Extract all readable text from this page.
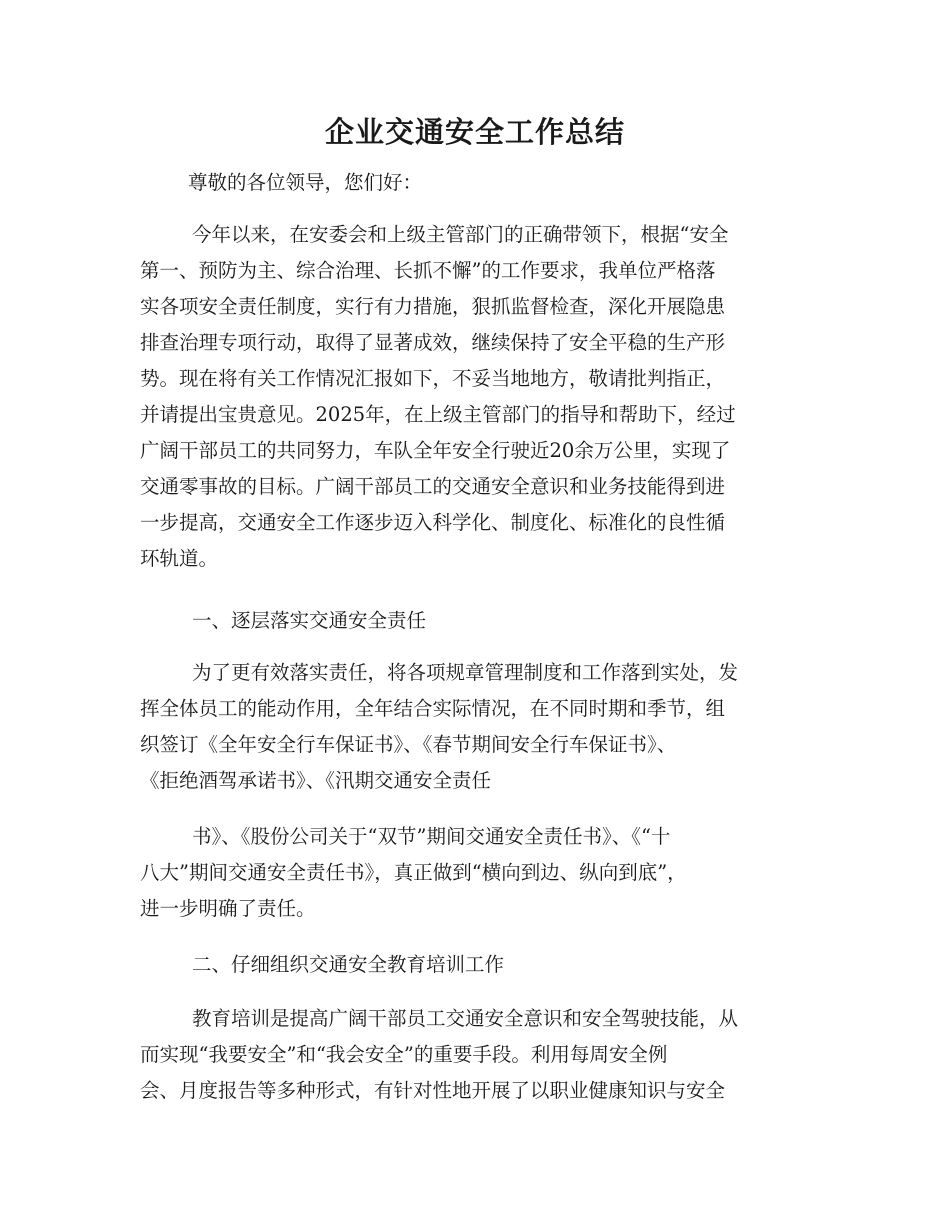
企业交通安全工作总结
尊敬的各位领导，您们好：
今年以来，在安委会和上级主管部门的正确带领下，根据“安全
第一、预防为主、综合治理、长抓不懈”的工作要求，我单位严格落
实各项安全责任制度，实行有力措施，狠抓监督检查，深化开展隐患
排查治理专项行动，取得了显著成效，继续保持了安全平稳的生产形
势。现在将有关工作情况汇报如下，不妥当地地方，敬请批判指正，
并请提出宝贵意见。2025年，在上级主管部门的指导和帮助下，经过
广阔干部员工的共同努力，车队全年安全行驶近20余万公里，实现了
交通零事故的目标。广阔干部员工的交通安全意识和业务技能得到进
一步提高，交通安全工作逐步迈入科学化、制度化、标准化的良性循
环轨道。
一、逐层落实交通安全责任
为了更有效落实责任，将各项规章管理制度和工作落到实处，发
挥全体员工的能动作用，全年结合实际情况，在不同时期和季节，组
织签订《全年安全行车保证书》、《春节期间安全行车保证书》、
《拒绝酒驾承诺书》、《汛期交通安全责任
书》、《股份公司关于“双节”期间交通安全责任书》、《“十
八大”期间交通安全责任书》，真正做到“横向到边、纵向到底”，
进一步明确了责任。
二、仔细组织交通安全教育培训工作
教育培训是提高广阔干部员工交通安全意识和安全驾驶技能，从
而实现“我要安全”和“我会安全”的重要手段。利用每周安全例
会、月度报告等多种形式，有针对性地开展了以职业健康知识与安全
